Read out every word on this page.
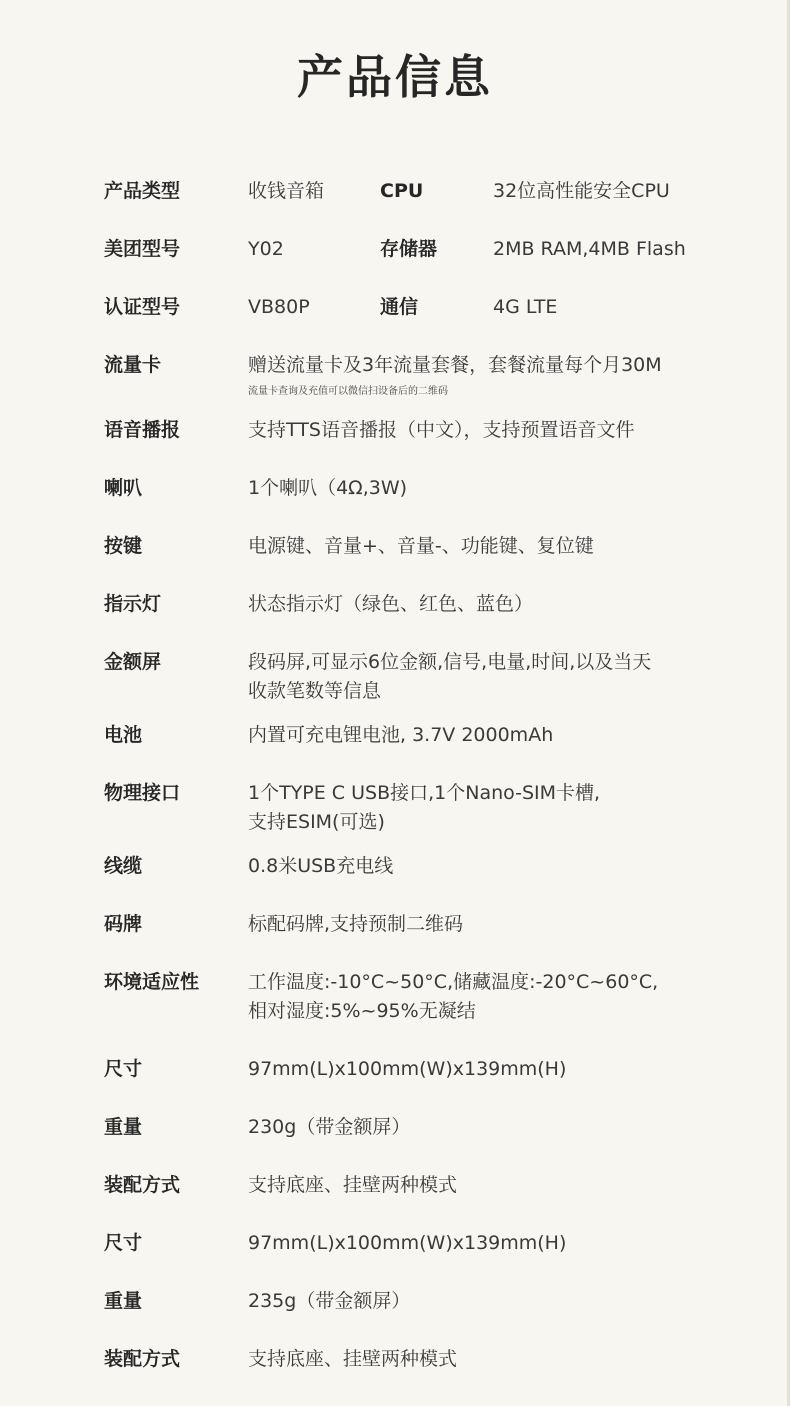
产品信息
产品类型	收钱音箱	CPU	32位高性能安全CPU
美团型号	Y02	存储器	2MB RAM,4MB Flash
认证型号	VB80P	通信	4G LTE
流量卡	赠送流量卡及3年流量套餐，套餐流量每个月30M
流量卡查询及充值可以微信扫设备后的二维码
语音播报	支持TTS语音播报（中文），支持预置语音文件
喇叭	1个喇叭（4Ω,3W)
按键	电源键、音量+、音量-、功能键、复位键
指示灯	状态指示灯（绿色、红色、蓝色）
金额屏	段码屏,可显示6位金额,信号,电量,时间,以及当天
收款笔数等信息
电池	内置可充电锂电池, 3.7V 2000mAh
物理接口	1个TYPE C USB接口,1个Nano-SIM卡槽,
支持ESIM(可选)
线缆	0.8米USB充电线
码牌	标配码牌,支持预制二维码
环境适应性	工作温度:-10°C~50°C,储藏温度:-20°C~60°C,
相对湿度:5%~95%无凝结
尺寸	97mm(L)x100mm(W)x139mm(H)
重量	230g（带金额屏）
装配方式	支持底座、挂壁两种模式
尺寸	97mm(L)x100mm(W)x139mm(H)
重量	235g（带金额屏）
装配方式	支持底座、挂壁两种模式
